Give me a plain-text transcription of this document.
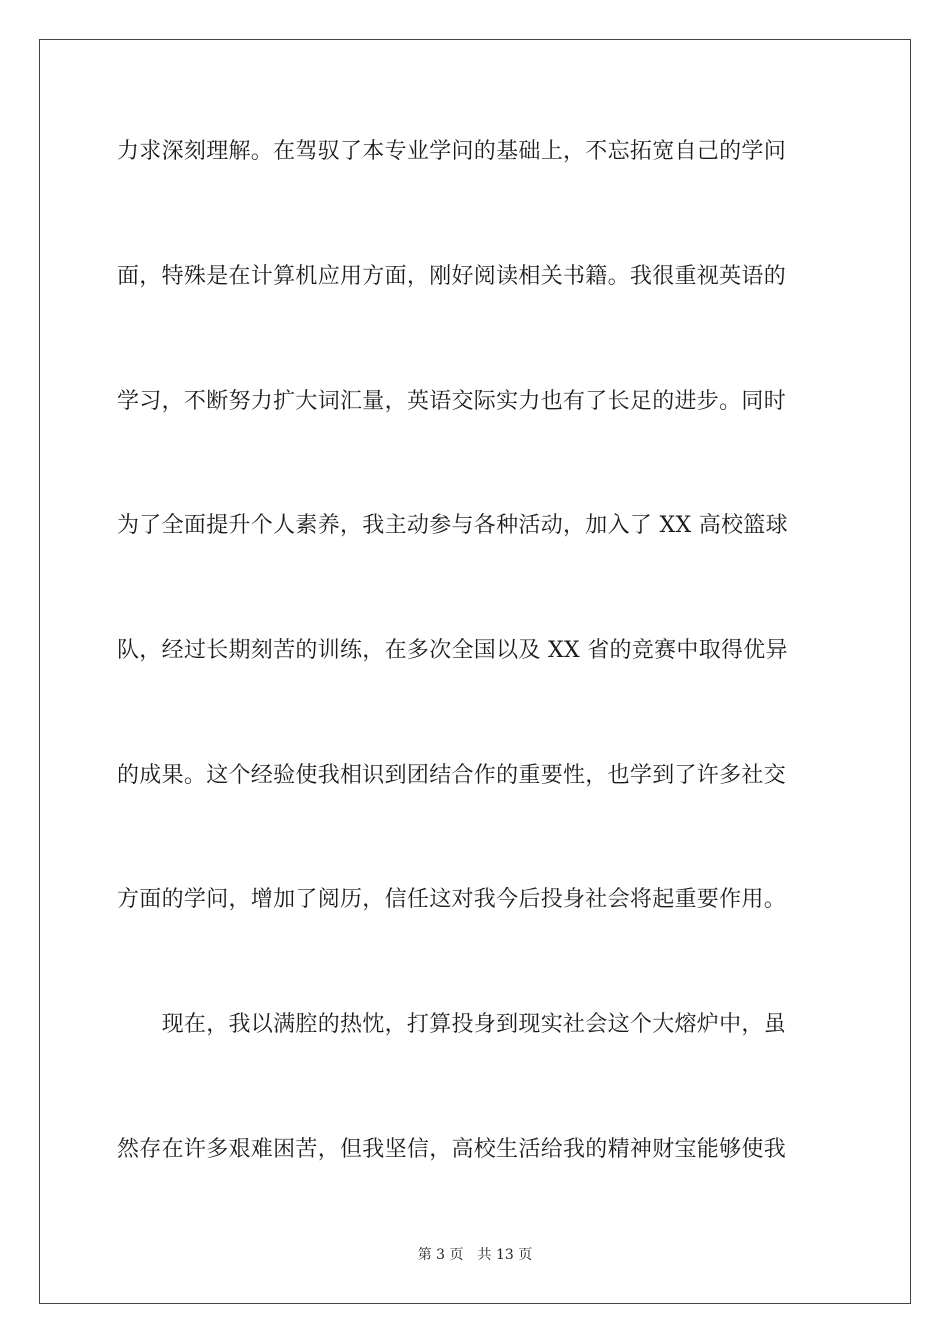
力求深刻理解。在驾驭了本专业学问的基础上，不忘拓宽自己的学问
面，特殊是在计算机应用方面，刚好阅读相关书籍。我很重视英语的
学习，不断努力扩大词汇量，英语交际实力也有了长足的进步。同时
为了全面提升个人素养，我主动参与各种活动，加入了 XX 高校篮球
队，经过长期刻苦的训练，在多次全国以及 XX 省的竞赛中取得优异
的成果。这个经验使我相识到团结合作的重要性，也学到了许多社交
方面的学问，增加了阅历，信任这对我今后投身社会将起重要作用。
　　现在，我以满腔的热忱，打算投身到现实社会这个大熔炉中，虽
然存在许多艰难困苦，但我坚信，高校生活给我的精神财宝能够使我
第 3 页 共 13 页
